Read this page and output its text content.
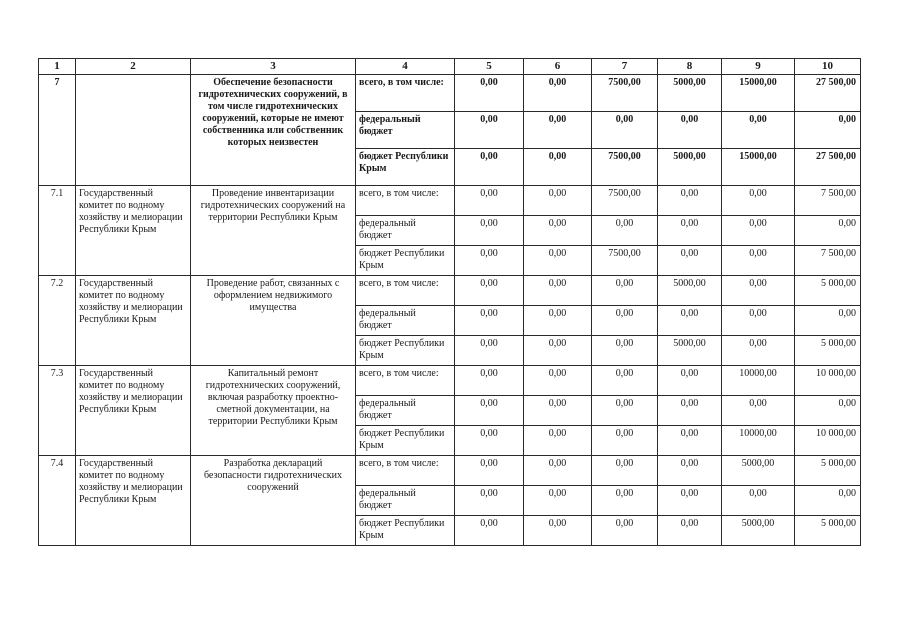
1	2	3	4	5	6	7	8	9	10
7		Обеспечение безопасности гидротехнических сооружений, в том числе гидротехнических сооружений, которые не имеют собственника или собственник которых неизвестен	всего, в том числе:	0,00	0,00	7500,00	5000,00	15000,00	27 500,00
			федеральный бюджет	0,00	0,00	0,00	0,00	0,00	0,00
			бюджет Республики Крым	0,00	0,00	7500,00	5000,00	15000,00	27 500,00
7.1	Государственный комитет по водному хозяйству и мелиорации Республики Крым	Проведение инвентаризации гидротехнических сооружений на территории Республики Крым	всего, в том числе:	0,00	0,00	7500,00	0,00	0,00	7 500,00
			федеральный бюджет	0,00	0,00	0,00	0,00	0,00	0,00
			бюджет Республики Крым	0,00	0,00	7500,00	0,00	0,00	7 500,00
7.2	Государственный комитет по водному хозяйству и мелиорации Республики Крым	Проведение работ, связанных с оформлением недвижимого имущества	всего, в том числе:	0,00	0,00	0,00	5000,00	0,00	5 000,00
			федеральный бюджет	0,00	0,00	0,00	0,00	0,00	0,00
			бюджет Республики Крым	0,00	0,00	0,00	5000,00	0,00	5 000,00
7.3	Государственный комитет по водному хозяйству и мелиорации Республики Крым	Капитальный ремонт гидротехнических сооружений, включая разработку проектно-сметной документации, на территории Республики Крым	всего, в том числе:	0,00	0,00	0,00	0,00	10000,00	10 000,00
			федеральный бюджет	0,00	0,00	0,00	0,00	0,00	0,00
			бюджет Республики Крым	0,00	0,00	0,00	0,00	10000,00	10 000,00
7.4	Государственный комитет по водному хозяйству и мелиорации Республики Крым	Разработка деклараций безопасности гидротехнических сооружений	всего, в том числе:	0,00	0,00	0,00	0,00	5000,00	5 000,00
			федеральный бюджет	0,00	0,00	0,00	0,00	0,00	0,00
			бюджет Республики Крым	0,00	0,00	0,00	0,00	5000,00	5 000,00
